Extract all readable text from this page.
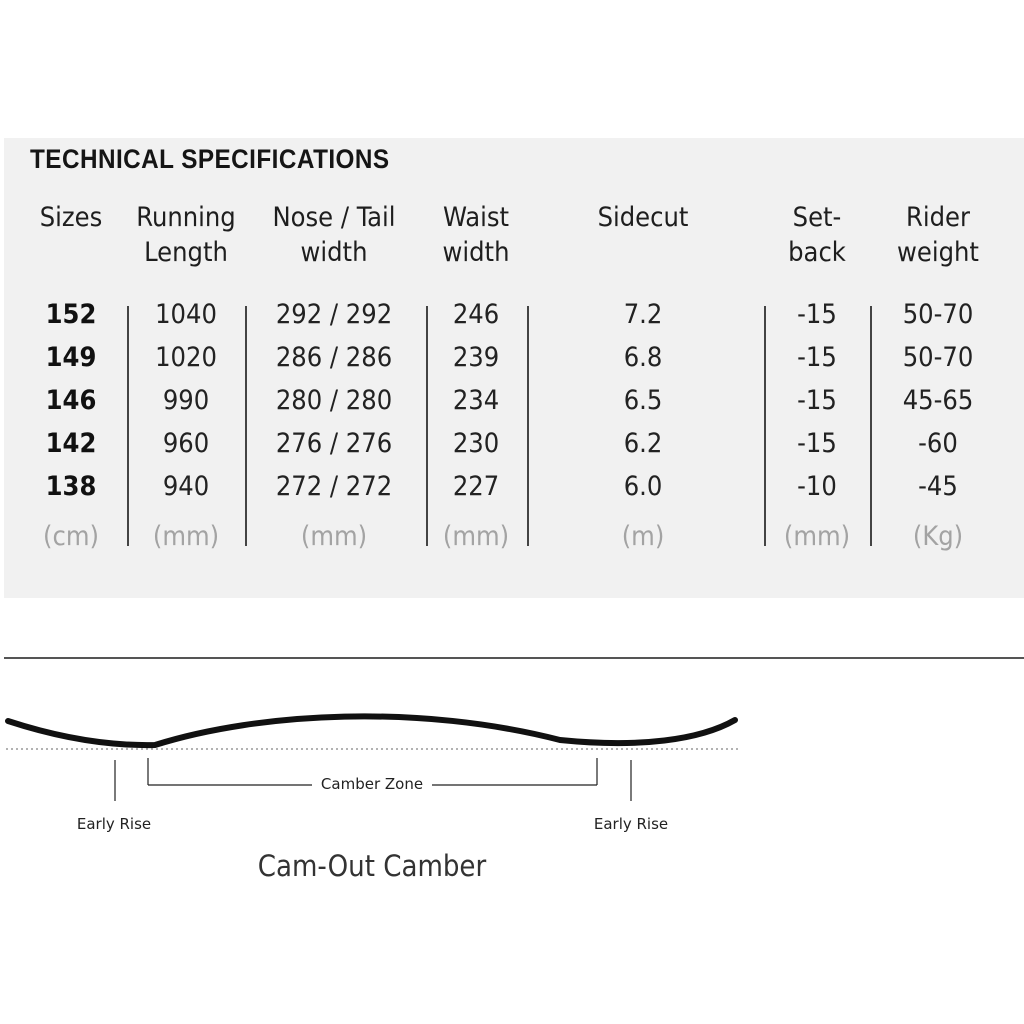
TECHNICAL SPECIFICATIONS
Sizes
152
149
146
142
138
(cm)
Running
Length
1040
1020
990
960
940
(mm)
Nose / Tail
width
292 / 292
286 / 286
280 / 280
276 / 276
272 / 272
(mm)
Waist
width
246
239
234
230
227
(mm)
Sidecut
7.2
6.8
6.5
6.2
6.0
(m)
Set-
back
-15
-15
-15
-15
-10
(mm)
Rider
weight
50-70
50-70
45-65
-60
-45
(Kg)
Camber Zone
Early Rise	Early Rise
Cam-Out Camber
